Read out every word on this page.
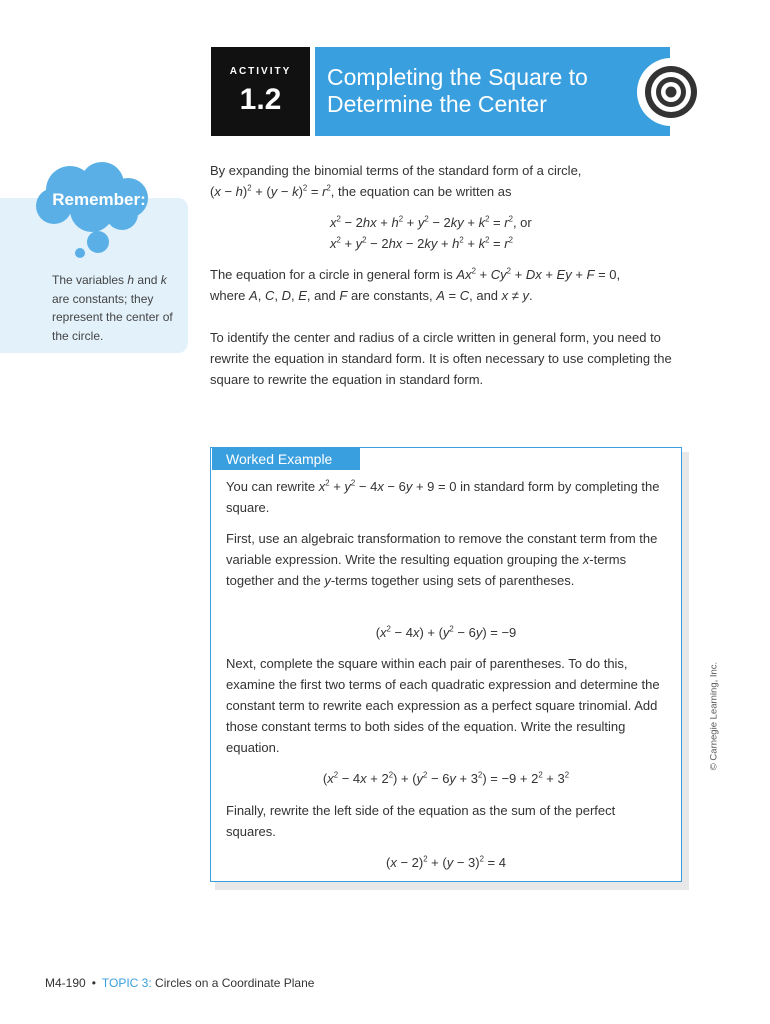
ACTIVITY
1.2
Completing the Square to
Determine the Center
Remember:
The variables h and k are constants; they represent the center of the circle.

By expanding the binomial terms of the standard form of a circle,
$(x - h)^2 + (y - k)^2 = r^2$, the equation can be written as

$x^2 - 2hx + h^2 + y^2 - 2ky + k^2 = r^2$, or
$x^2 + y^2 - 2hx - 2ky + h^2 + k^2 = r^2$

The equation for a circle in general form is $Ax^2 + Cy^2 + Dx + Ey + F = 0$,
where A, C, D, E, and F are constants, A = C, and x ≠ y.

To identify the center and radius of a circle written in general form, you need to rewrite the equation in standard form. It is often necessary to use completing the square to rewrite the equation in standard form.

Worked Example

You can rewrite $x^2 + y^2 - 4x - 6y + 9 = 0$ in standard form by completing the square.

First, use an algebraic transformation to remove the constant term from the variable expression. Write the resulting equation grouping the x-terms together and the y-terms together using sets of parentheses.

$(x^2 - 4x) + (y^2 - 6y) = -9$

Next, complete the square within each pair of parentheses. To do this, examine the first two terms of each quadratic expression and determine the constant term to rewrite each expression as a perfect square trinomial. Add those constant terms to both sides of the equation. Write the resulting equation.

$(x^2 - 4x + 2^2) + (y^2 - 6y + 3^2) = -9 + 2^2 + 3^2$

Finally, rewrite the left side of the equation as the sum of the perfect squares.

$(x - 2)^2 + (y - 3)^2 = 4$

© Carnegie Learning, Inc.
M4-190 • TOPIC 3: Circles on a Coordinate Plane
